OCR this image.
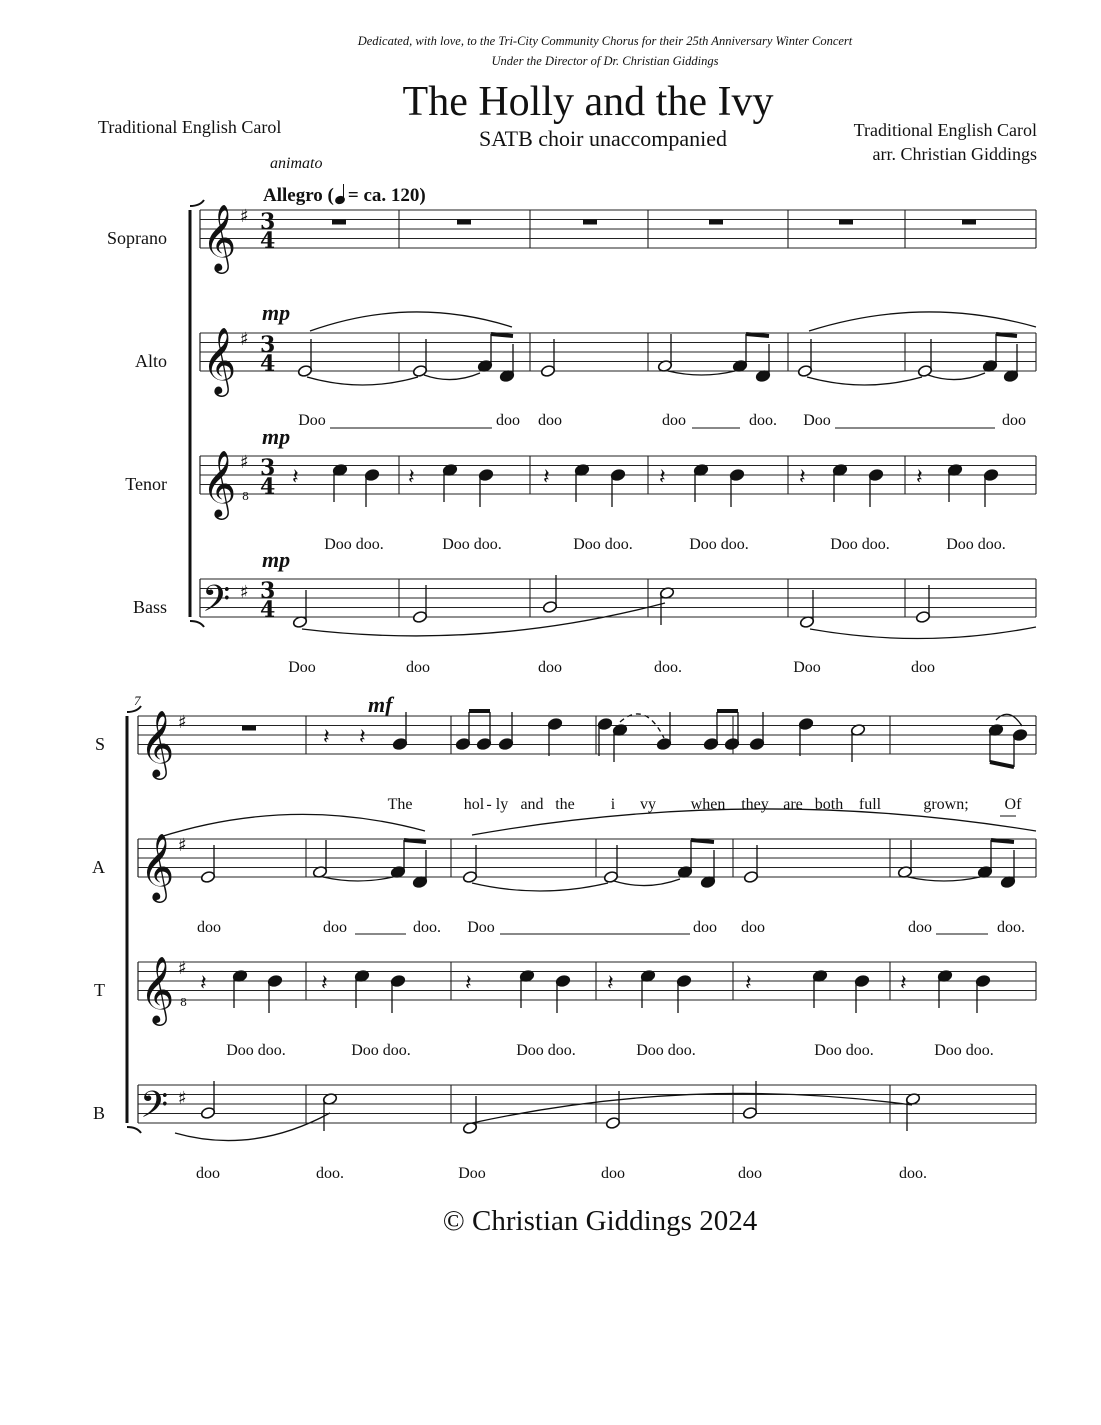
Dedicated, with love, to the Tri-City Community Chorus for their 25th Anniversary Winter Concert
Under the Director of Dr. Christian Giddings
The Holly and the Ivy
SATB choir unaccompanied
Traditional English Carol	Traditional English Carol
arr. Christian Giddings
animato
Allegro ( = ca. 120)
Soprano
Alto
Tenor
Bass
S
A
T
B
7
mp
mp
mp
mf
Doo	doo doo	doo	doo. Doo	doo
Doo doo.	Doo doo.	Doo doo.	Doo doo.	Doo doo.	Doo doo.
Doo	doo	doo	doo.	Doo	doo
The	hol - ly and the i vy when they are both full	grown; Of
doo	doo	doo. Doo	doo doo	doo	doo.
Doo doo.	Doo doo.	Doo doo.	Doo doo.	Doo doo.	Doo doo.
doo	doo.	Doo	doo	doo	doo.
© Christian Giddings 2024
𝄞 ♯ 3
4
𝄞 ♯ 3
4
𝄞 ♯
8
3
4
𝄢 ♯ 3
4
𝄽	𝄽	𝄽	𝄽	𝄽	𝄽
𝄞 ♯
𝄞 ♯
𝄞 ♯
8
𝄢 ♯
𝄽 𝄽
𝄽	𝄽	𝄽	𝄽	𝄽	𝄽
